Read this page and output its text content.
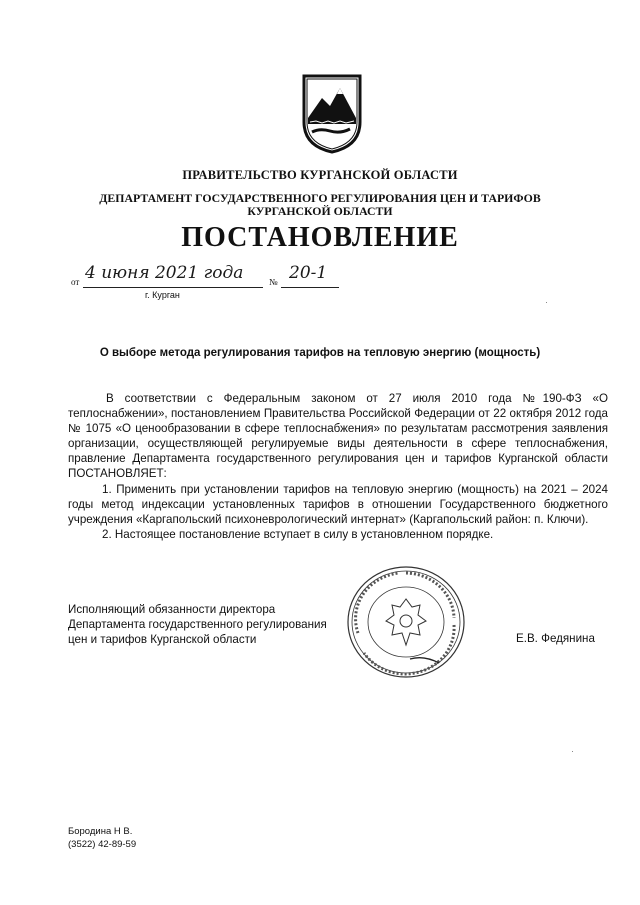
ПРАВИТЕЛЬСТВО КУРГАНСКОЙ ОБЛАСТИ
ДЕПАРТАМЕНТ ГОСУДАРСТВЕННОГО РЕГУЛИРОВАНИЯ ЦЕН И ТАРИФОВ
КУРГАНСКОЙ ОБЛАСТИ
ПОСТАНОВЛЕНИЕ
от 4 июня 2021 года	№ 20-1
г. Курган
О выборе метода регулирования тарифов на тепловую энергию (мощность)

В соответствии с Федеральным законом от 27 июля 2010 года №190-ФЗ «О теплоснабжении», постановлением Правительства Российской Федерации от 22 октября 2012 года № 1075 «О ценообразовании в сфере теплоснабжения» по результатам рассмотрения заявления организации, осуществляющей регулируемые виды деятельности в сфере теплоснабжения, правление Департамента государственного регулирования цен и тарифов Курганской области ПОСТАНОВЛЯЕТ:

1. Применить при установлении тарифов на тепловую энергию (мощность) на 2021 – 2024 годы метод индексации установленных тарифов в отношении Государственного бюджетного учреждения «Каргапольский психоневрологический интернат» (Каргапольский район: п. Ключи).

2. Настоящее постановление вступает в силу в установленном порядке.

Исполняющий обязанности директора
Департамента государственного регулирования
цен и тарифов Курганской области	Е.В. Федянина
Бородина Н В.
(3522) 42-89-59
